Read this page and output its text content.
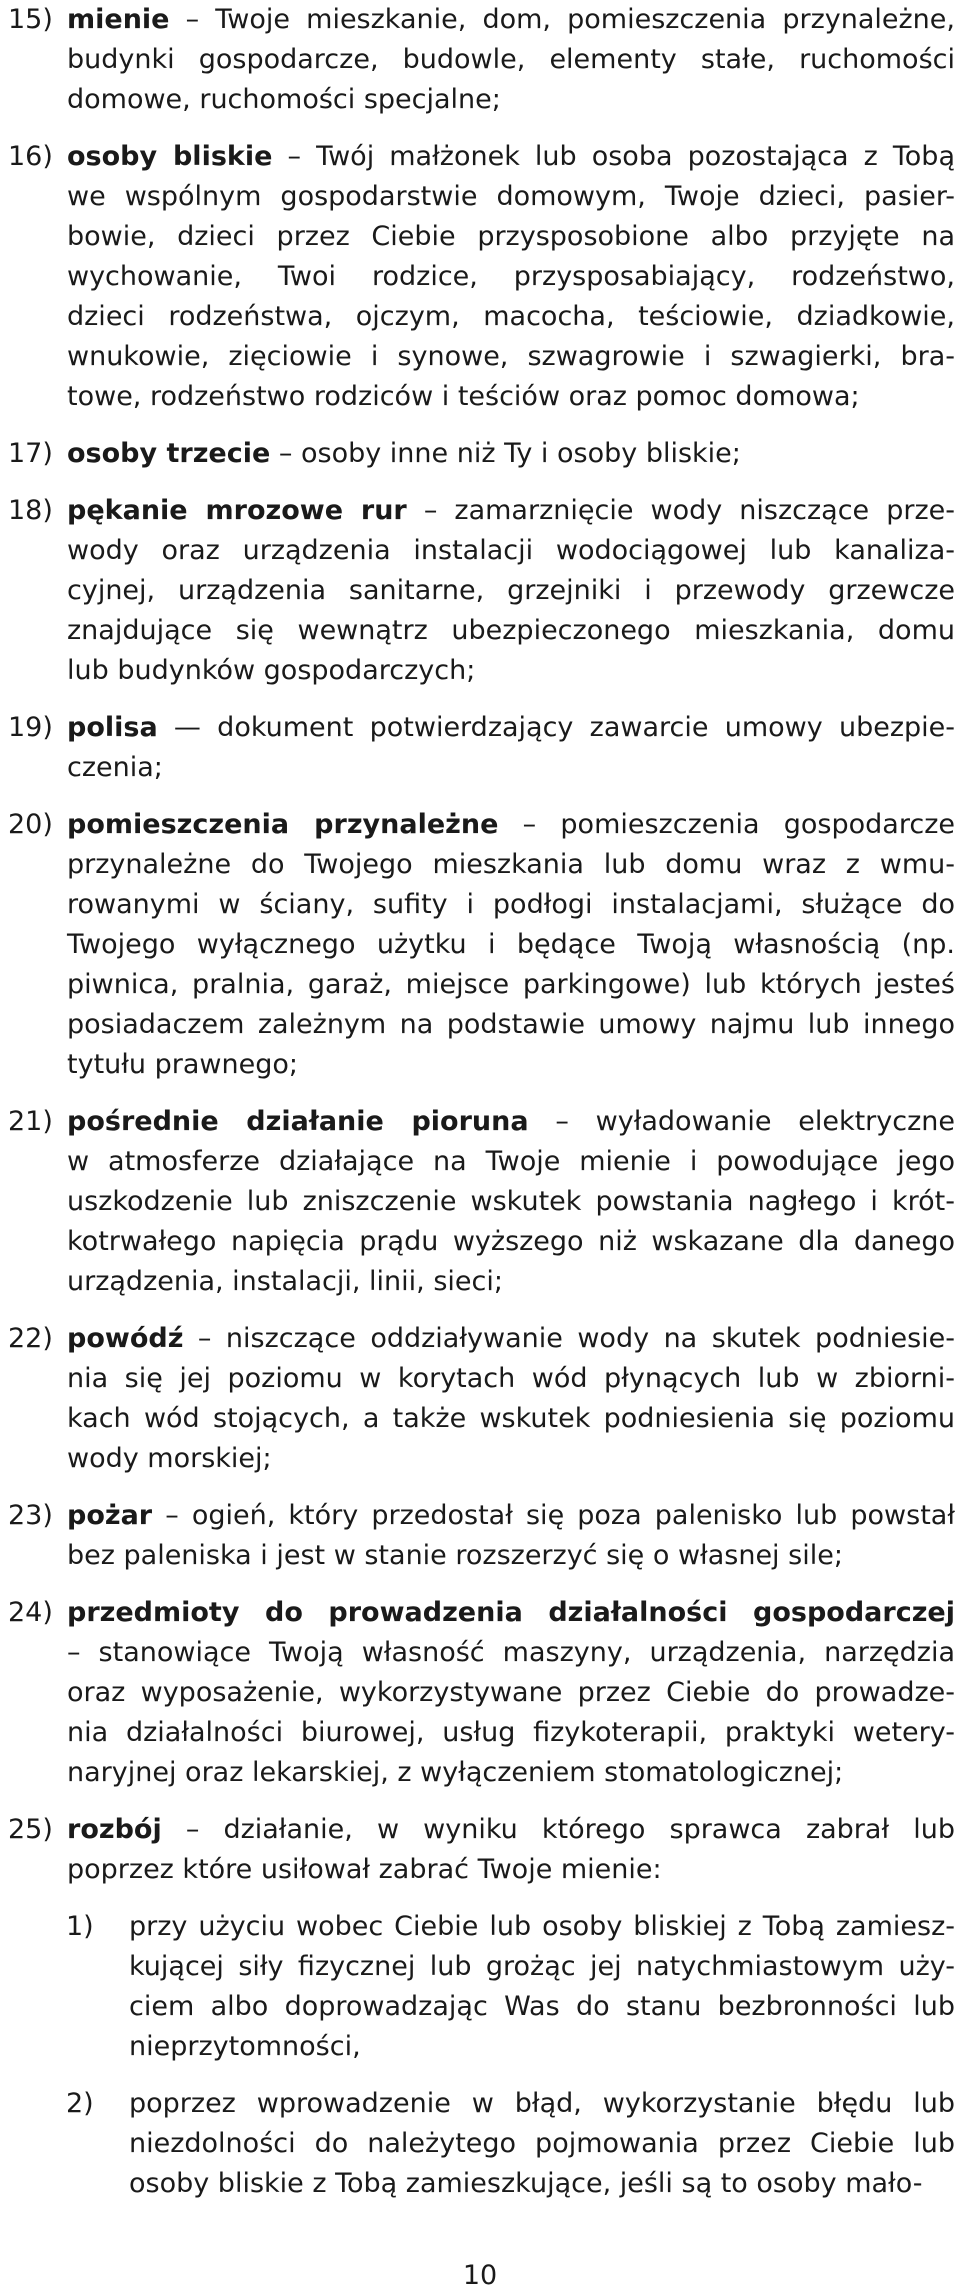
15) mienie – Twoje mieszkanie, dom, pomieszczenia przynależne,
budynki gospodarcze, budowle, elementy stałe, ruchomości
domowe, ruchomości specjalne;
16) osoby bliskie – Twój małżonek lub osoba pozostająca z Tobą
we wspólnym gospodarstwie domowym, Twoje dzieci, pasier-
bowie, dzieci przez Ciebie przysposobione albo przyjęte na
wychowanie, Twoi rodzice, przysposabiający, rodzeństwo,
dzieci rodzeństwa, ojczym, macocha, teściowie, dziadkowie,
wnukowie, zięciowie i synowe, szwagrowie i szwagierki, bra-
towe, rodzeństwo rodziców i teściów oraz pomoc domowa;
17) osoby trzecie – osoby inne niż Ty i osoby bliskie;
18) pękanie mrozowe rur – zamarznięcie wody niszczące prze-
wody oraz urządzenia instalacji wodociągowej lub kanaliza-
cyjnej, urządzenia sanitarne, grzejniki i przewody grzewcze
znajdujące się wewnątrz ubezpieczonego mieszkania, domu
lub budynków gospodarczych;
19) polisa — dokument potwierdzający zawarcie umowy ubezpie-
czenia;
20) pomieszczenia przynależne – pomieszczenia gospodarcze
przynależne do Twojego mieszkania lub domu wraz z wmu-
rowanymi w ściany, sufity i podłogi instalacjami, służące do
Twojego wyłącznego użytku i będące Twoją własnością (np.
piwnica, pralnia, garaż, miejsce parkingowe) lub których jesteś
posiadaczem zależnym na podstawie umowy najmu lub innego
tytułu prawnego;
21) pośrednie działanie pioruna – wyładowanie elektryczne
w atmosferze działające na Twoje mienie i powodujące jego
uszkodzenie lub zniszczenie wskutek powstania nagłego i krót-
kotrwałego napięcia prądu wyższego niż wskazane dla danego
urządzenia, instalacji, linii, sieci;
22) powódź – niszczące oddziaływanie wody na skutek podniesie-
nia się jej poziomu w korytach wód płynących lub w zbiorni-
kach wód stojących, a także wskutek podniesienia się poziomu
wody morskiej;
23) pożar – ogień, który przedostał się poza palenisko lub powstał
bez paleniska i jest w stanie rozszerzyć się o własnej sile;
24) przedmioty do prowadzenia działalności gospodarczej
– stanowiące Twoją własność maszyny, urządzenia, narzędzia
oraz wyposażenie, wykorzystywane przez Ciebie do prowadze-
nia działalności biurowej, usług fizykoterapii, praktyki wetery-
naryjnej oraz lekarskiej, z wyłączeniem stomatologicznej;
25) rozbój – działanie, w wyniku którego sprawca zabrał lub
poprzez które usiłował zabrać Twoje mienie:
1) przy użyciu wobec Ciebie lub osoby bliskiej z Tobą zamiesz-
kującej siły fizycznej lub grożąc jej natychmiastowym uży-
ciem albo doprowadzając Was do stanu bezbronności lub
nieprzytomności,
2) poprzez wprowadzenie w błąd, wykorzystanie błędu lub
niezdolności do należytego pojmowania przez Ciebie lub
osoby bliskie z Tobą zamieszkujące, jeśli są to osoby mało-
10
